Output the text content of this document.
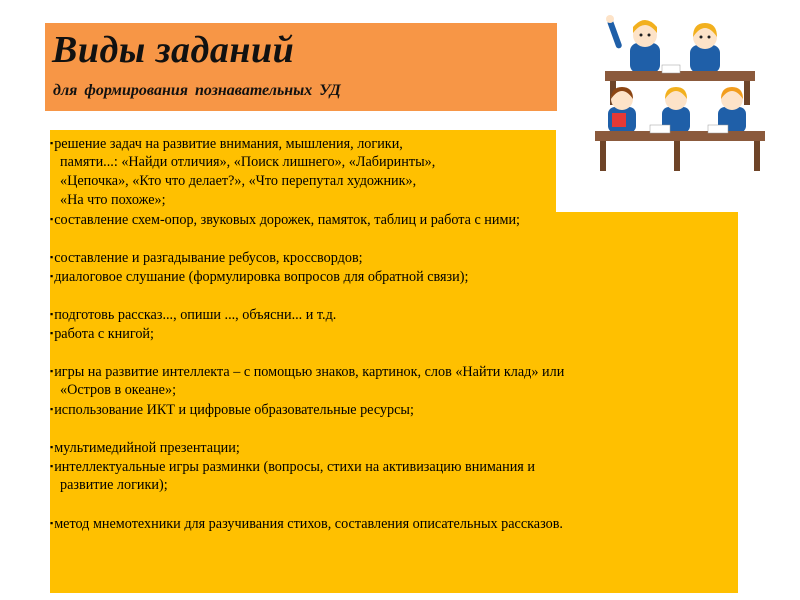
Виды заданий
для формирования познавательных УД
▪решение задач на развитие внимания, мышления, логики,
памяти...: «Найди отличия», «Поиск лишнего», «Лабиринты»,
«Цепочка», «Кто что делает?», «Что перепутал художник»,
«На что похоже»;
▪составление схем-опор, звуковых дорожек, памяток, таблиц и работа с ними;
▪составление и разгадывание ребусов, кроссвордов;
▪диалоговое слушание (формулировка вопросов для обратной связи);
▪подготовь рассказ..., опиши ..., объясни... и т.д.
▪работа с книгой;
▪игры на развитие интеллекта – с помощью знаков, картинок, слов «Найти клад» или
«Остров в океане»;
▪использование ИКТ и цифровые образовательные ресурсы;
▪мультимедийной презентации;
▪интеллектуальные игры разминки (вопросы, стихи на активизацию внимания и
развитие логики);
▪метод мнемотехники для разучивания стихов, составления описательных рассказов.
